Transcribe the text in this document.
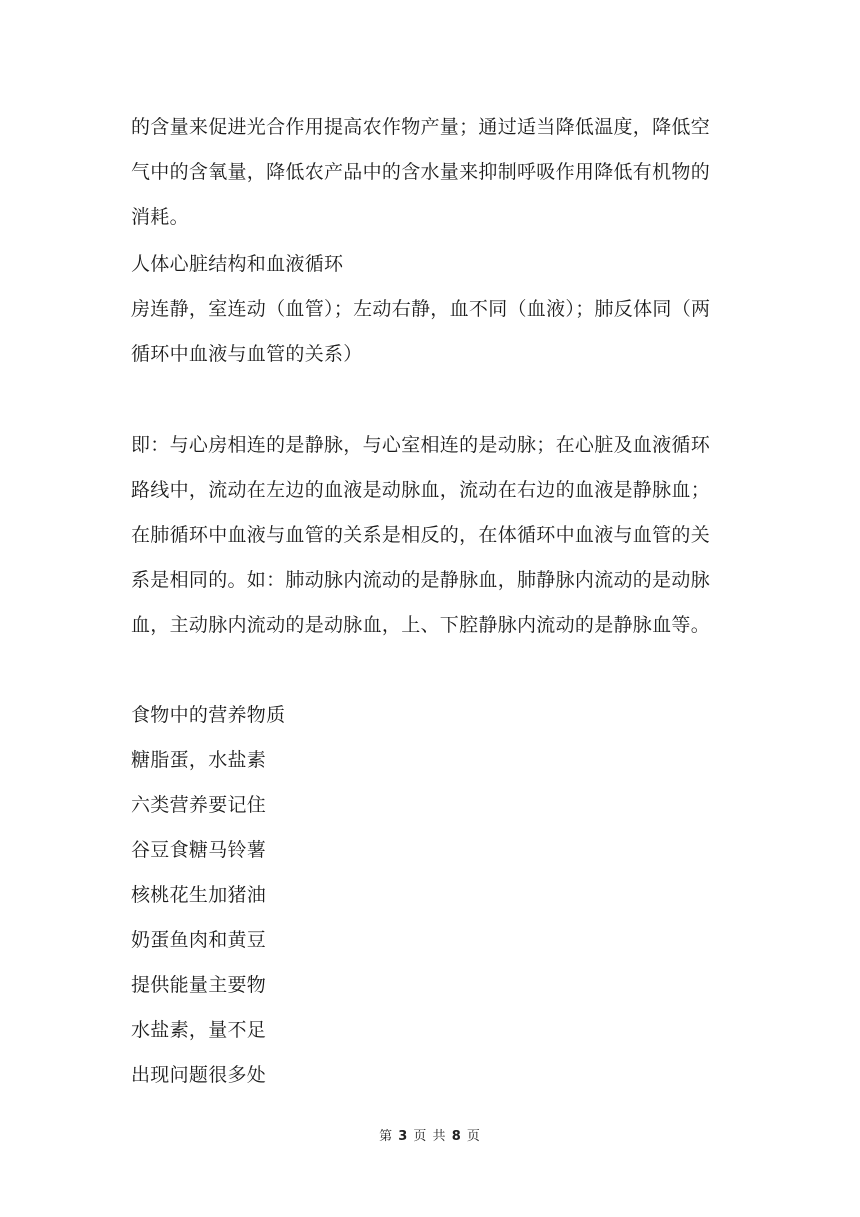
的含量来促进光合作用提高农作物产量；通过适当降低温度，降低空
气中的含氧量，降低农产品中的含水量来抑制呼吸作用降低有机物的
消耗。
人体心脏结构和血液循环
房连静，室连动（血管）；左动右静，血不同（血液）；肺反体同（两
循环中血液与血管的关系）
即：与心房相连的是静脉，与心室相连的是动脉；在心脏及血液循环
路线中，流动在左边的血液是动脉血，流动在右边的血液是静脉血；
在肺循环中血液与血管的关系是相反的，在体循环中血液与血管的关
系是相同的。如：肺动脉内流动的是静脉血，肺静脉内流动的是动脉
血，主动脉内流动的是动脉血，上、下腔静脉内流动的是静脉血等。
食物中的营养物质
糖脂蛋，水盐素
六类营养要记住
谷豆食糖马铃薯
核桃花生加猪油
奶蛋鱼肉和黄豆
提供能量主要物
水盐素，量不足
出现问题很多处
第 3 页 共 8 页
